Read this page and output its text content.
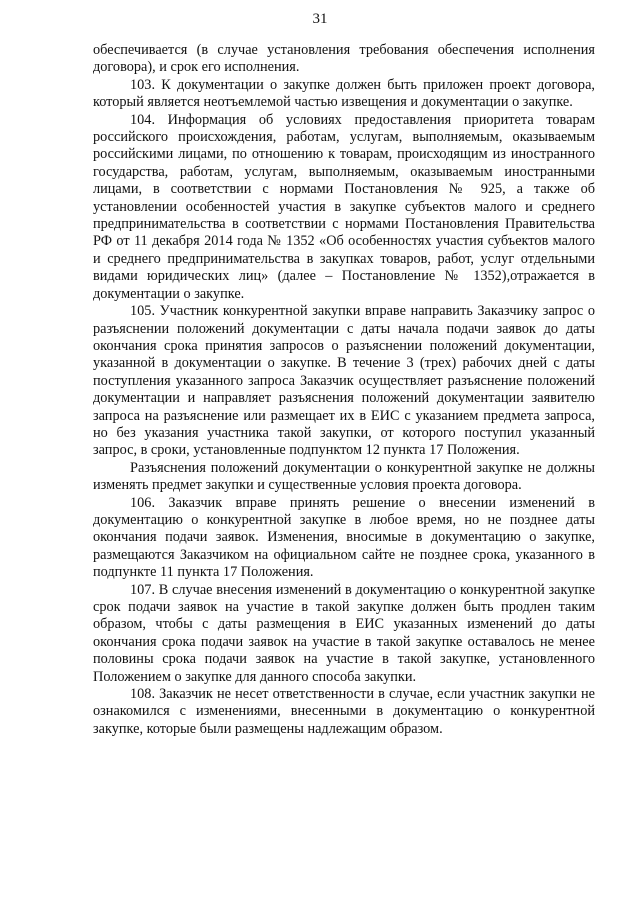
31

обеспечивается (в случае установления требования обеспечения исполнения договора), и срок его исполнения.

103. К документации о закупке должен быть приложен проект договора, который является неотъемлемой частью извещения и документации о закупке.

104. Информация об условиях предоставления приоритета товарам российского происхождения, работам, услугам, выполняемым, оказываемым российскими лицами, по отношению к товарам, происходящим из иностранного государства, работам, услугам, выполняемым, оказываемым иностранными лицами, в соответствии с нормами Постановления № 925, а также об установлении особенностей участия в закупке субъектов малого и среднего предпринимательства в соответствии с нормами Постановления Правительства РФ от 11 декабря 2014 года № 1352 «Об особенностях участия субъектов малого и среднего предпринимательства в закупках товаров, работ, услуг отдельными видами юридических лиц» (далее – Постановление № 1352),отражается в документации о закупке.

105. Участник конкурентной закупки вправе направить Заказчику запрос о разъяснении положений документации с даты начала подачи заявок до даты окончания срока принятия запросов о разъяснении положений документации, указанной в документации о закупке. В течение 3 (трех) рабочих дней с даты поступления указанного запроса Заказчик осуществляет разъяснение положений документации и направляет разъяснения положений документации заявителю запроса на разъяснение или размещает их в ЕИС с указанием предмета запроса, но без указания участника такой закупки, от которого поступил указанный запрос, в сроки, установленные подпунктом 12 пункта 17 Положения.

Разъяснения положений документации о конкурентной закупке не должны изменять предмет закупки и существенные условия проекта договора.

106. Заказчик вправе принять решение о внесении изменений в документацию о конкурентной закупке в любое время, но не позднее даты окончания подачи заявок. Изменения, вносимые в документацию о закупке, размещаются Заказчиком на официальном сайте не позднее срока, указанного в подпункте 11 пункта 17 Положения.

107. В случае внесения изменений в документацию о конкурентной закупке срок подачи заявок на участие в такой закупке должен быть продлен таким образом, чтобы с даты размещения в ЕИС указанных изменений до даты окончания срока подачи заявок на участие в такой закупке оставалось не менее половины срока подачи заявок на участие в такой закупке, установленного Положением о закупке для данного способа закупки.

108. Заказчик не несет ответственности в случае, если участник закупки не ознакомился с изменениями, внесенными в документацию о конкурентной закупке, которые были размещены надлежащим образом.
